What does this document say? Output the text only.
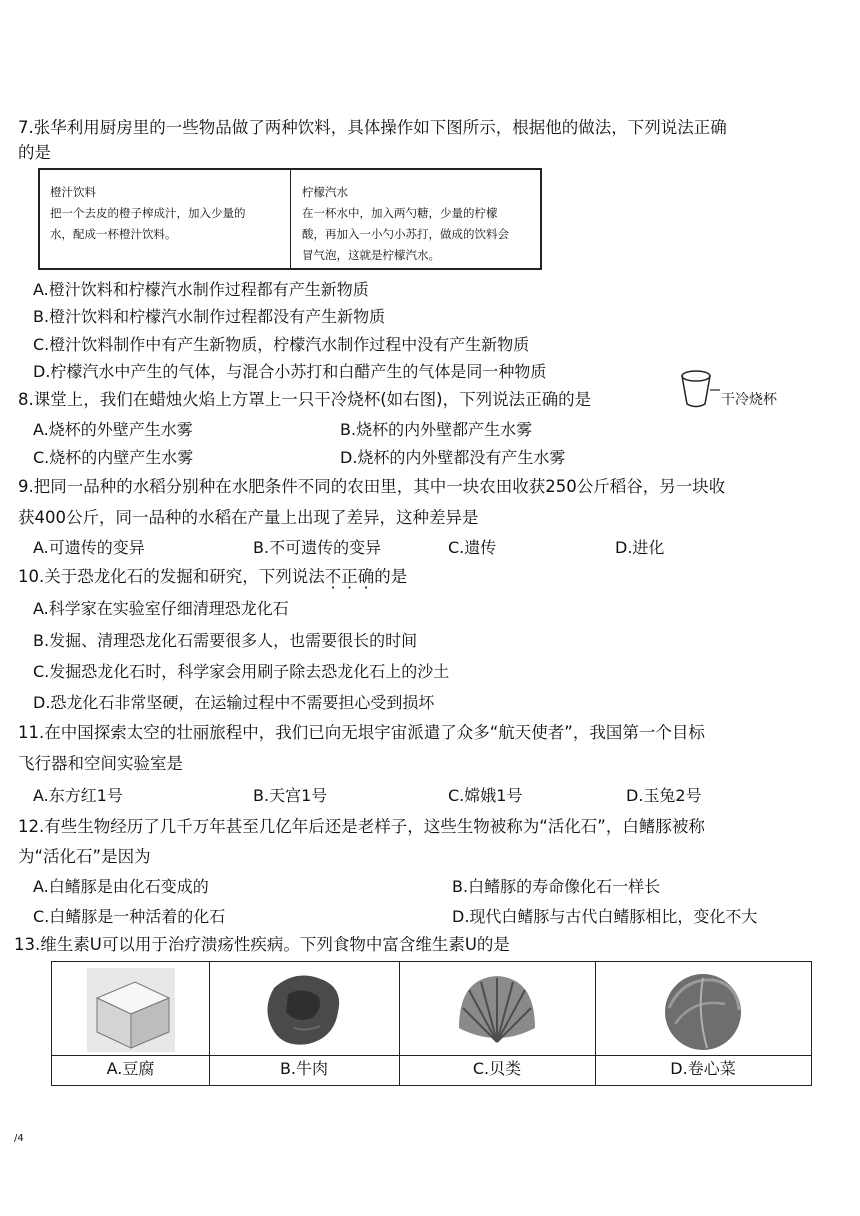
7.张华利用厨房里的一些物品做了两种饮料，具体操作如下图所示，根据他的做法，下列说法正确
的是
橙汁饮料
把一个去皮的橙子榨成汁，加入少量的
水，配成一杯橙汁饮料。
柠檬汽水
在一杯水中，加入两勺糖，少量的柠檬
酸，再加入一小勺小苏打，做成的饮料会
冒气泡，这就是柠檬汽水。
A.橙汁饮料和柠檬汽水制作过程都有产生新物质
B.橙汁饮料和柠檬汽水制作过程都没有产生新物质
C.橙汁饮料制作中有产生新物质，柠檬汽水制作过程中没有产生新物质
D.柠檬汽水中产生的气体，与混合小苏打和白醋产生的气体是同一种物质
8.课堂上，我们在蜡烛火焰上方罩上一只干冷烧杯(如右图)，下列说法正确的是	干冷烧杯
A.烧杯的外壁产生水雾	B.烧杯的内外壁都产生水雾
C.烧杯的内壁产生水雾	D.烧杯的内外壁都没有产生水雾
9.把同一品种的水稻分别种在水肥条件不同的农田里，其中一块农田收获250公斤稻谷，另一块收
获400公斤，同一品种的水稻在产量上出现了差异，这种差异是
A.可遗传的变异	B.不可遗传的变异	C.遗传	D.进化
10.关于恐龙化石的发掘和研究，下列说法不正确的是
A.科学家在实验室仔细清理恐龙化石
B.发掘、清理恐龙化石需要很多人，也需要很长的时间
C.发掘恐龙化石时，科学家会用刷子除去恐龙化石上的沙土
D.恐龙化石非常坚硬，在运输过程中不需要担心受到损坏
11.在中国探索太空的壮丽旅程中，我们已向无垠宇宙派遣了众多“航天使者”，我国第一个目标
飞行器和空间实验室是
A.东方红1号	B.天宫1号	C.嫦娥1号	D.玉兔2号
12.有些生物经历了几千万年甚至几亿年后还是老样子，这些生物被称为“活化石”，白鳍豚被称
为“活化石”是因为
A.白鳍豚是由化石变成的	B.白鳍豚的寿命像化石一样长
C.白鳍豚是一种活着的化石	D.现代白鳍豚与古代白鳍豚相比，变化不大
13.维生素U可以用于治疗溃疡性疾病。下列食物中富含维生素U的是
A.豆腐	B.牛肉	C.贝类	D.卷心菜
/4
